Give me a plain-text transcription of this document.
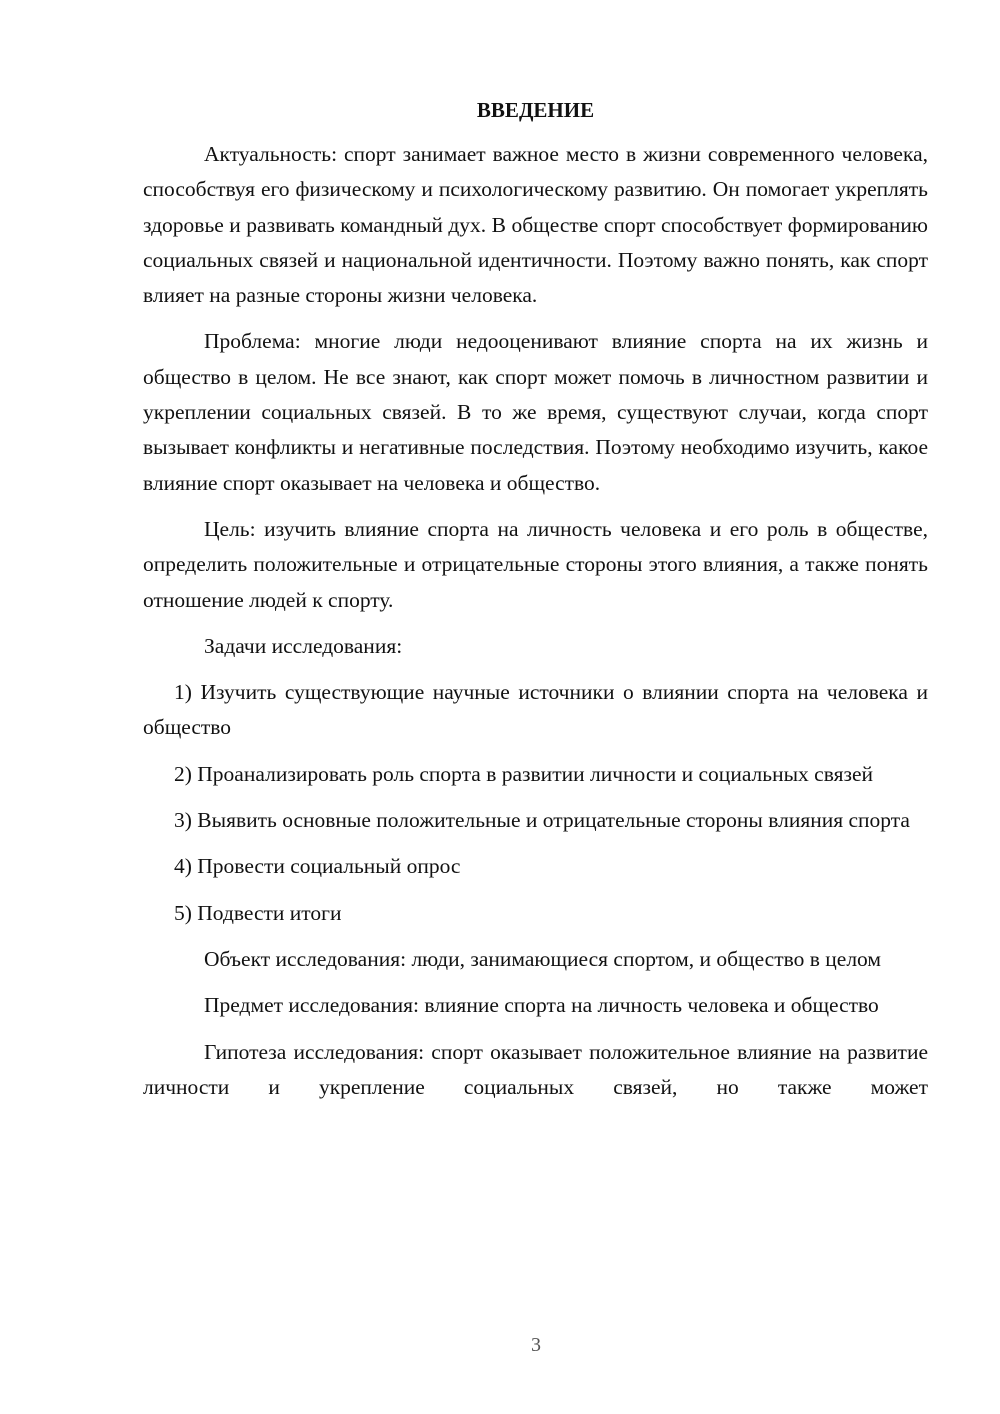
ВВЕДЕНИЕ

Актуальность: спорт занимает важное место в жизни современного человека, способствуя его физическому и психологическому развитию. Он помогает укреплять здоровье и развивать командный дух. В обществе спорт способствует формированию социальных связей и национальной идентичности. Поэтому важно понять, как спорт влияет на разные стороны жизни человека.

Проблема: многие люди недооценивают влияние спорта на их жизнь и общество в целом. Не все знают, как спорт может помочь в личностном развитии и укреплении социальных связей. В то же время, существуют случаи, когда спорт вызывает конфликты и негативные последствия. Поэтому необходимо изучить, какое влияние спорт оказывает на человека и общество.

Цель: изучить влияние спорта на личность человека и его роль в обществе, определить положительные и отрицательные стороны этого влияния, а также понять отношение людей к спорту.

Задачи исследования:

1) Изучить существующие научные источники о влиянии спорта на человека и общество

2) Проанализировать роль спорта в развитии личности и социальных связей

3) Выявить основные положительные и отрицательные стороны влияния спорта

4) Провести социальный опрос

5) Подвести итоги

Объект исследования: люди, занимающиеся спортом, и общество в целом

Предмет исследования: влияние спорта на личность человека и общество

Гипотеза исследования: спорт оказывает положительное влияние на развитие личности и укрепление социальных связей, но также может

3
